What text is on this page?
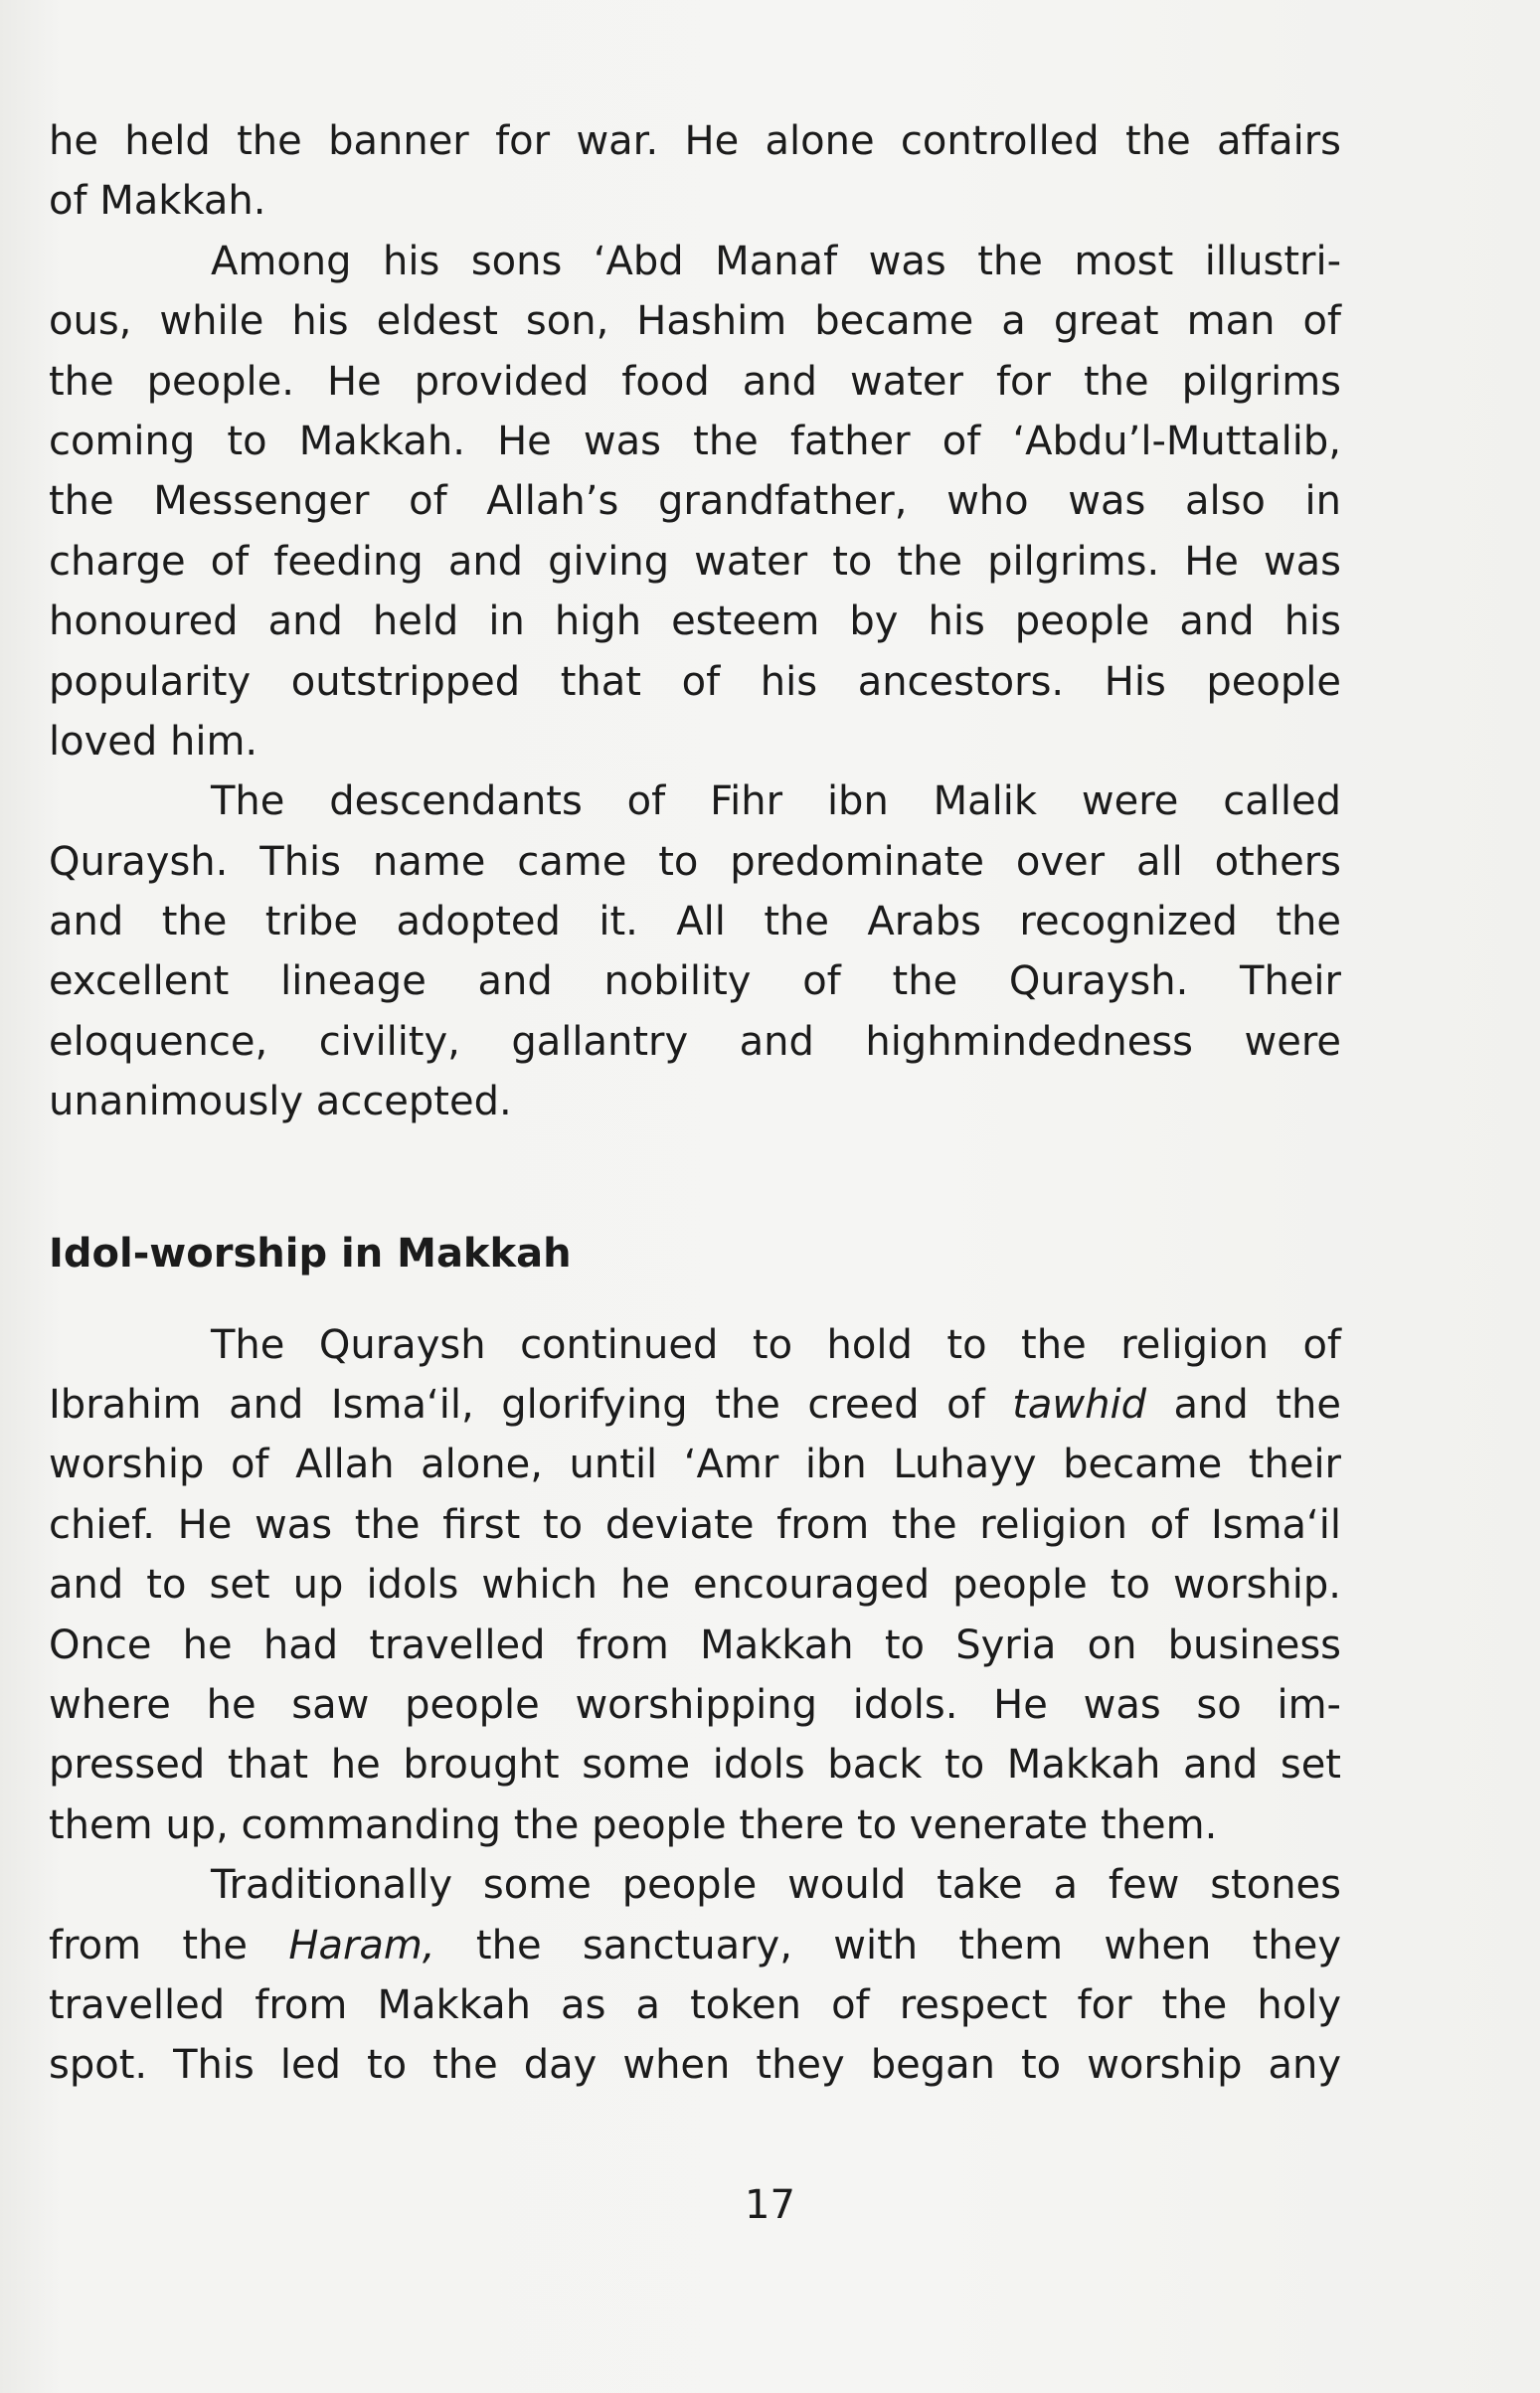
he held the banner for war. He alone controlled the affairs
of Makkah.
Among his sons ‘Abd Manaf was the most illustri-
ous, while his eldest son, Hashim became a great man of
the people. He provided food and water for the pilgrims
coming to Makkah. He was the father of ‘Abdu’l-Muttalib,
the Messenger of Allah’s grandfather, who was also in
charge of feeding and giving water to the pilgrims. He was
honoured and held in high esteem by his people and his
popularity outstripped that of his ancestors. His people
loved him.
The descendants of Fihr ibn Malik were called
Quraysh. This name came to predominate over all others
and the tribe adopted it. All the Arabs recognized the
excellent lineage and nobility of the Quraysh. Their
eloquence, civility, gallantry and highmindedness were
unanimously accepted.
Idol-worship in Makkah
The Quraysh continued to hold to the religion of
Ibrahim and Isma‘il, glorifying the creed of tawhid and the
worship of Allah alone, until ‘Amr ibn Luhayy became their
chief. He was the first to deviate from the religion of Isma‘il
and to set up idols which he encouraged people to worship.
Once he had travelled from Makkah to Syria on business
where he saw people worshipping idols. He was so im-
pressed that he brought some idols back to Makkah and set
them up, commanding the people there to venerate them.
Traditionally some people would take a few stones
from the Haram, the sanctuary, with them when they
travelled from Makkah as a token of respect for the holy
spot. This led to the day when they began to worship any
17
